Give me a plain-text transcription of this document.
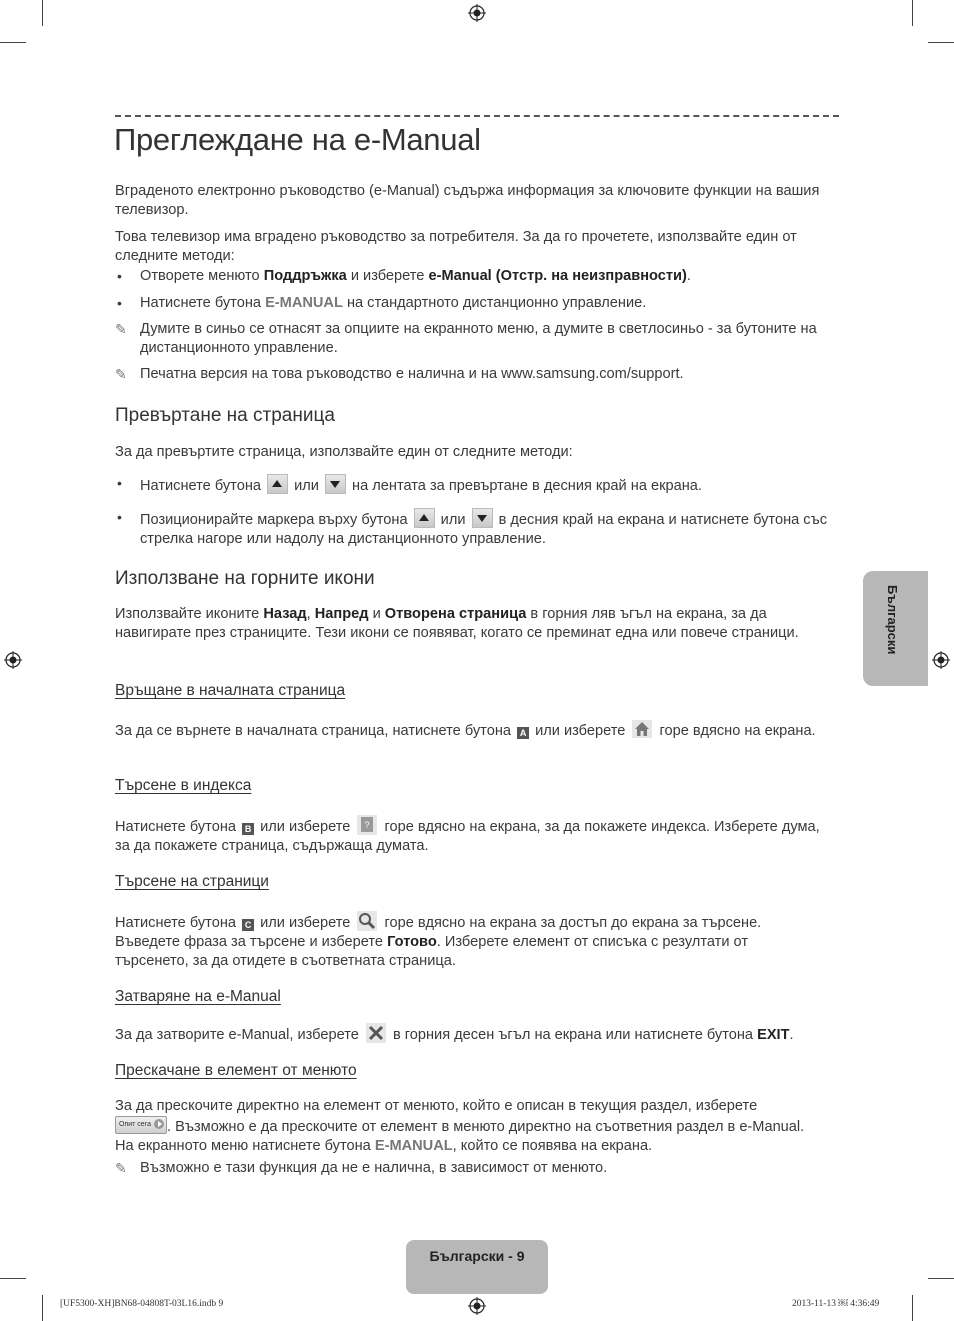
Преглеждане на e-Manual

Вграденото електронно ръководство (e-Manual) съдържа информация за ключовите функции на вашия телевизор.

Това телевизор има вградено ръководство за потребителя. За да го прочетете, използвайте един от следните методи:

• Отворете менюто Поддръжка и изберете e-Manual (Отстр. на неизправности).
• Натиснете бутона E-MANUAL на стандартното дистанционно управление.
✎ Думите в синьо се отнасят за опциите на екранното меню, а думите в светлосиньо - за бутоните на дистанционното управление.
✎ Печатна версия на това ръководство е налична и на www.samsung.com/support.
Превъртане на страница

За да превъртите страница, използвайте един от следните методи:

• Натиснете бутона  или  на лентата за превъртане в десния край на екрана.
• Позиционирайте маркера върху бутона  или  в десния край на екрана и натиснете бутона със стрелка нагоре или надолу на дистанционното управление.
Използване на горните икони

Използвайте иконите Назад, Напред и Отворена страница в горния ляв ъгъл на екрана, за да навигирате през страниците. Тези икони се появяват, когато се преминат една или повече страници.

Връщане в началната страница

За да се върнете в началната страница, натиснете бутона A или изберете  горе вдясно на екрана.

Търсене в индекса

Натиснете бутона B или изберете ? горе вдясно на екрана, за да покажете индекса. Изберете дума, за да покажете страница, съдържаща думата.

Търсене на страници

Натиснете бутона C или изберете  горе вдясно на екрана за достъп до екрана за търсене. Въведете фраза за търсене и изберете Готово. Изберете елемент от списъка с резултати от търсенето, за да отидете в съответната страница.

Затваряне на e-Manual

За да затворите e-Manual, изберете  в горния десен ъгъл на екрана или натиснете бутона EXIT.

Прескачане в елемент от менюто

За да прескочите директно на елемент от менюто, който е описан в текущия раздел, изберете
Опит сега . Възможно е да прескочите от елемент в менюто директно на съответния раздел в e-Manual. На екранното меню натиснете бутона E-MANUAL, който се появява на екрана.

✎ Възможно е тази функция да не е налична, в зависимост от менюто.
Български
Български - 9
[UF5300-XH]BN68-04808T-03L16.indb 9	2013-11-13 ￼ 4:36:49
